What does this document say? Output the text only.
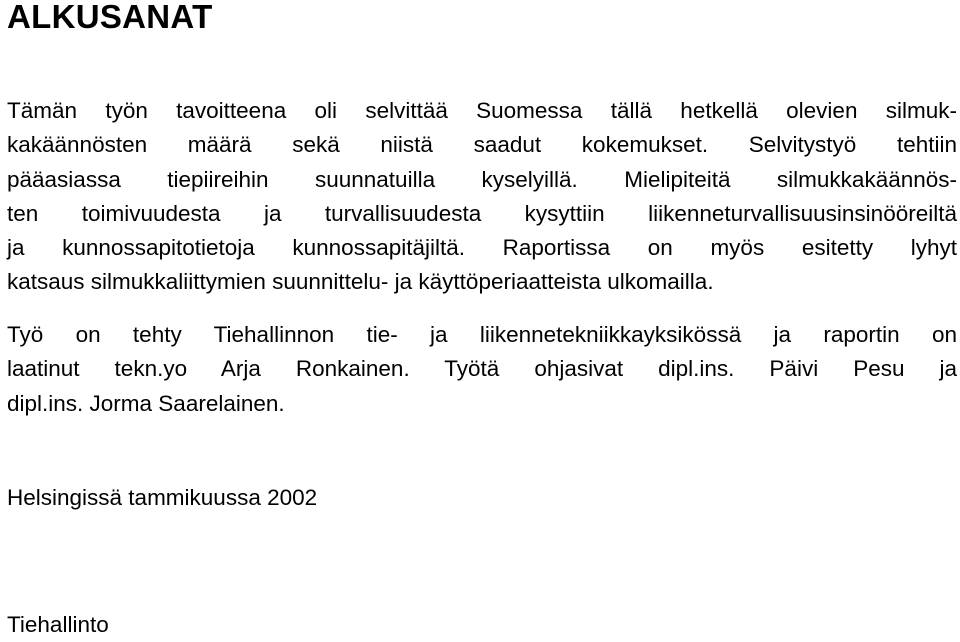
ALKUSANAT
Tämän työn tavoitteena oli selvittää Suomessa tällä hetkellä olevien silmuk-
kakäännösten määrä sekä niistä saadut kokemukset. Selvitystyö tehtiin
pääasiassa tiepiireihin suunnatuilla kyselyillä. Mielipiteitä silmukkakäännös-
ten toimivuudesta ja turvallisuudesta kysyttiin liikenneturvallisuusinsinööreiltä
ja kunnossapitotietoja kunnossapitäjiltä. Raportissa on myös esitetty lyhyt
katsaus silmukkaliittymien suunnittelu- ja käyttöperiaatteista ulkomailla.
Työ on tehty Tiehallinnon tie- ja liikennetekniikkayksikössä ja raportin on
laatinut tekn.yo Arja Ronkainen. Työtä ohjasivat dipl.ins. Päivi Pesu ja
dipl.ins. Jorma Saarelainen.

Helsingissä tammikuussa 2002

Tiehallinto
